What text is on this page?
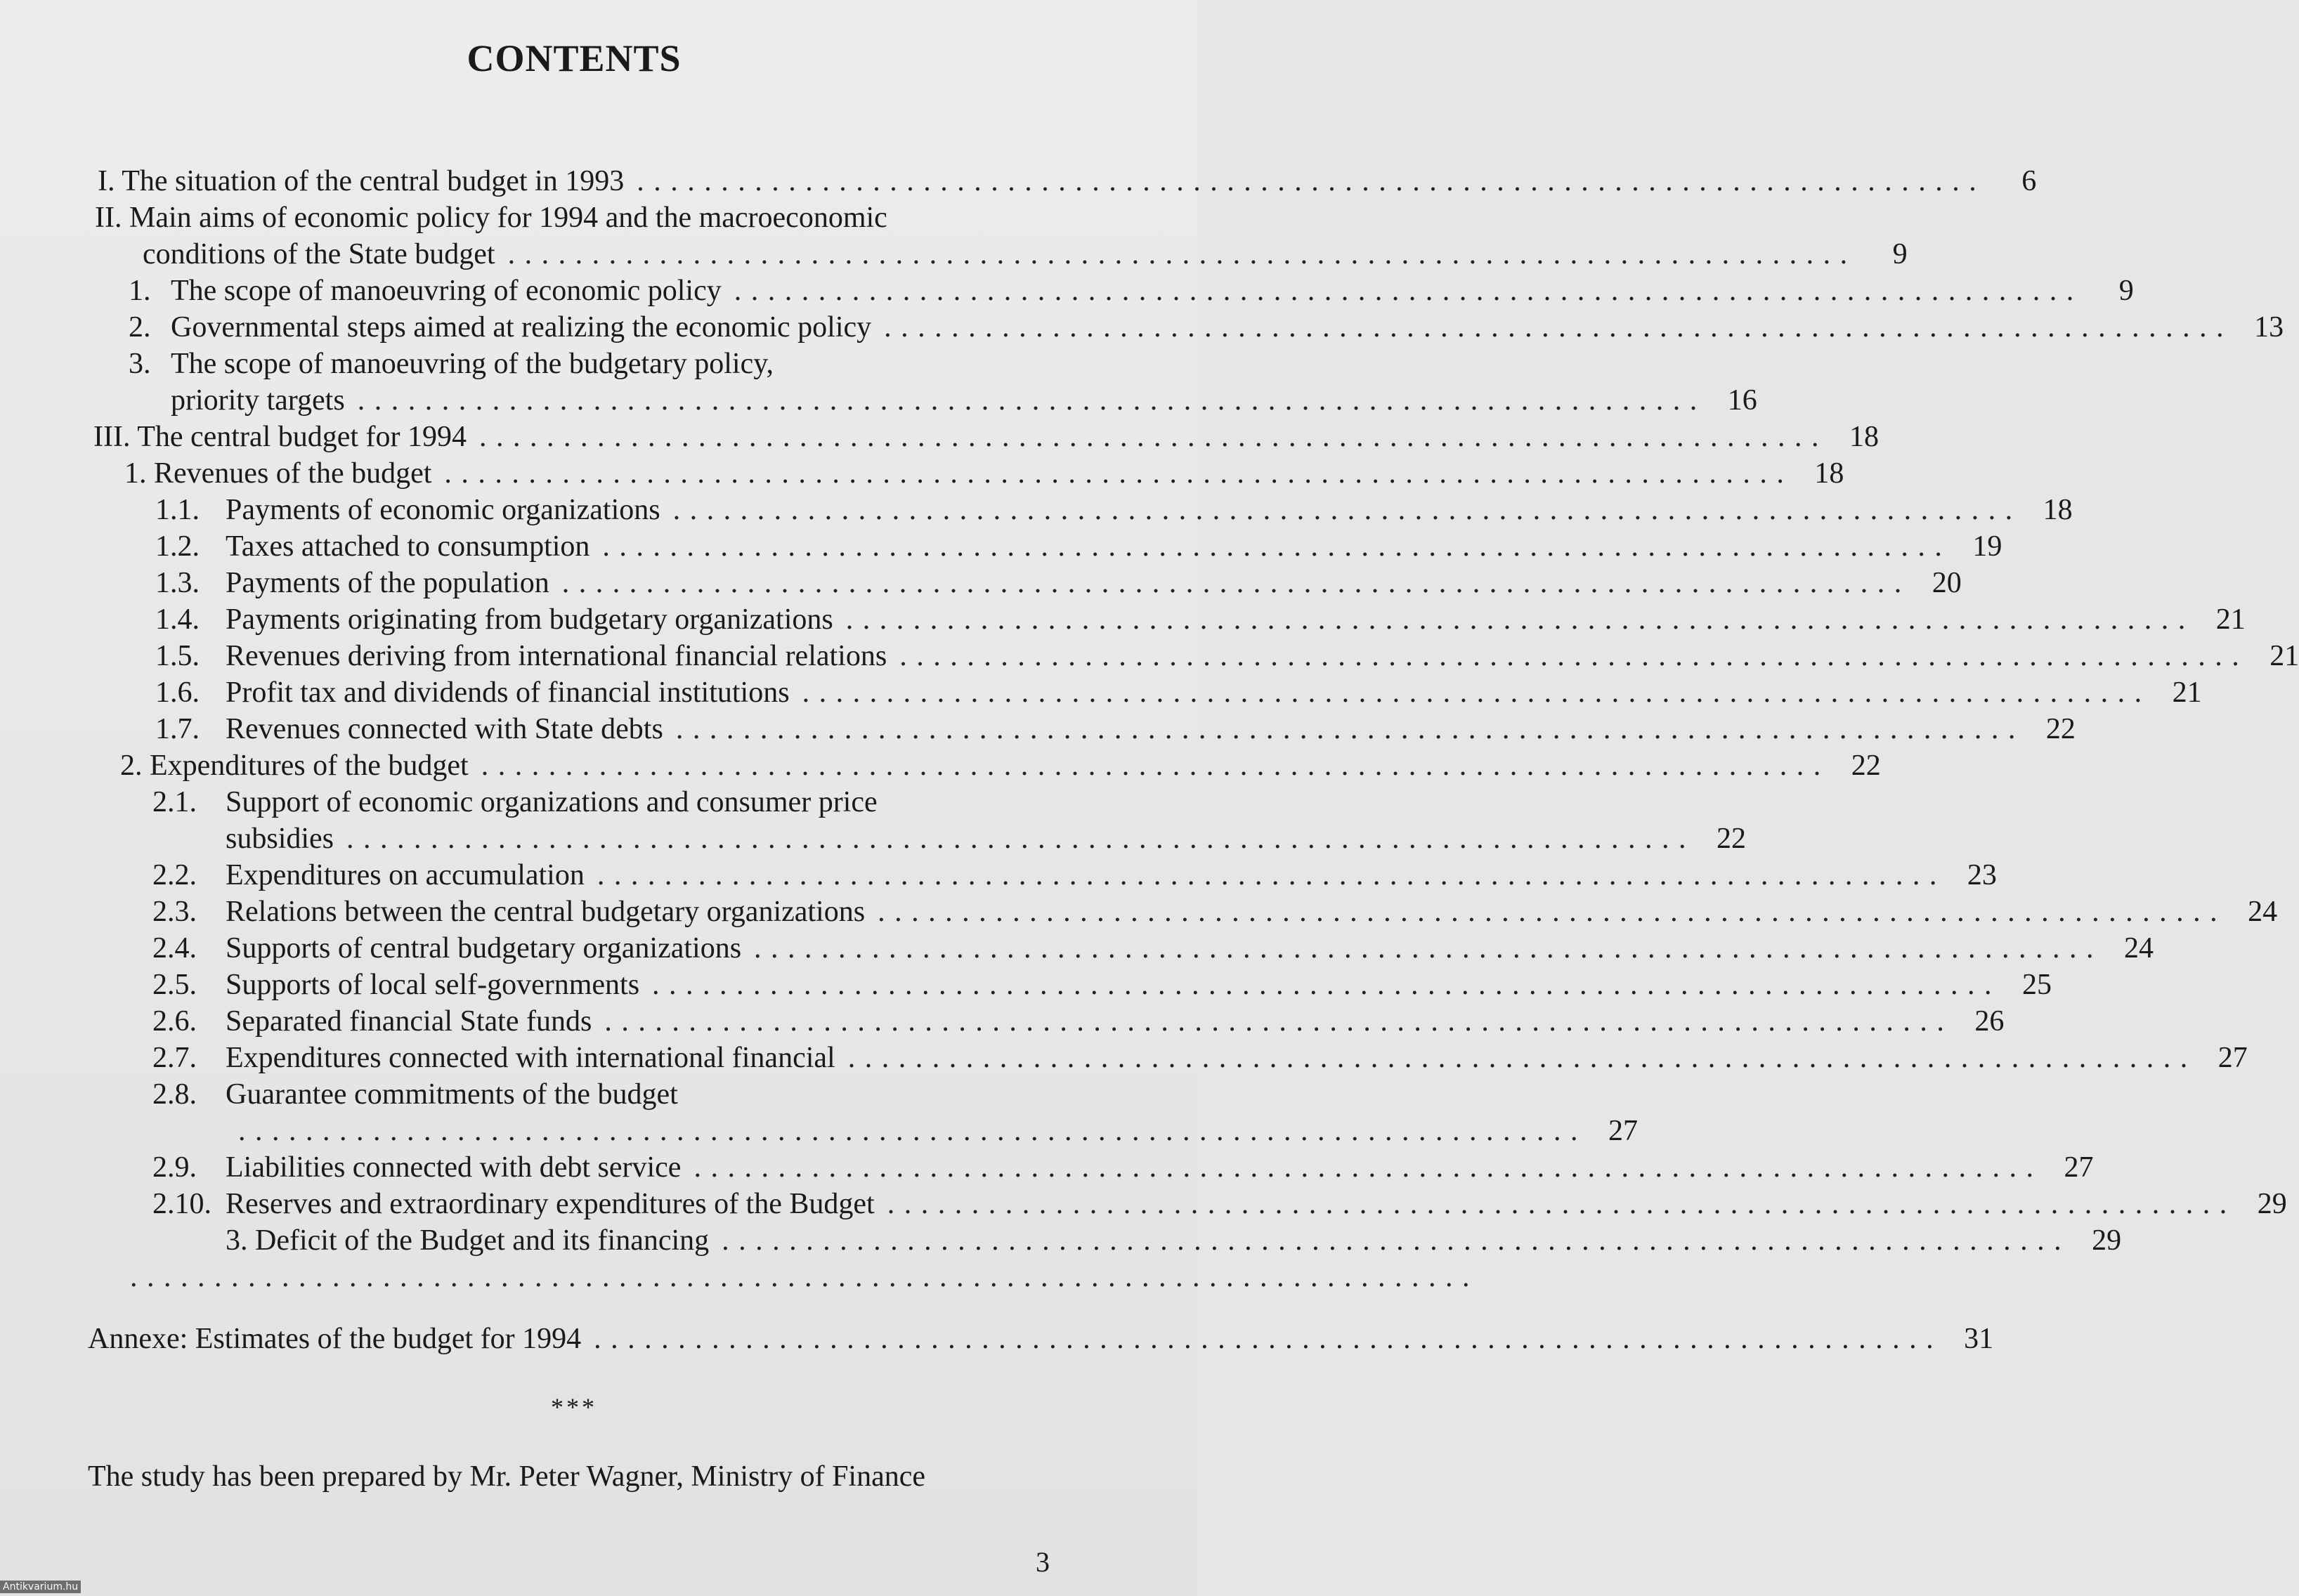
CONTENTS
I. The situation of the central budget in 1993 ................................................................................	6
II. Main aims of economic policy for 1994 and the macroeconomic
conditions of the State budget ................................................................................	9
1. The scope of manoeuvring of economic policy ................................................................................	9
2. Governmental steps aimed at realizing the economic policy ................................................................................ 13
3. The scope of manoeuvring of the budgetary policy,
priority targets ................................................................................ 16
III. The central budget for 1994 ................................................................................ 18
1. Revenues of the budget ................................................................................ 18
1.1. Payments of economic organizations ................................................................................ 18
1.2. Taxes attached to consumption ................................................................................ 19
1.3. Payments of the population ................................................................................ 20
1.4. Payments originating from budgetary organizations ................................................................................ 21
1.5. Revenues deriving from international financial relations ................................................................................ 21
1.6. Profit tax and dividends of financial institutions ................................................................................ 21
1.7. Revenues connected with State debts ................................................................................ 22
2. Expenditures of the budget ................................................................................ 22
2.1. Support of economic organizations and consumer price
subsidies ................................................................................ 22
2.2. Expenditures on accumulation ................................................................................ 23
2.3. Relations between the central budgetary organizations ................................................................................ 24
2.4. Supports of central budgetary organizations ................................................................................ 24
2.5. Supports of local self-governments ................................................................................ 25
2.6. Separated financial State funds ................................................................................ 26
2.7. Expenditures connected with international financial ................................................................................ 27
2.8. Guarantee commitments of the budget
................................................................................ 27
2.9. Liabilities connected with debt service ................................................................................ 27
2.10. Reserves and extraordinary expenditures of the Budget ................................................................................ 29
3. Deficit of the Budget and its financing ................................................................................ 29
................................................................................
Annexe: Estimates of the budget for 1994 ................................................................................ 31
***
The study has been prepared by Mr. Peter Wagner, Ministry of Finance
3
Antikvarium.hu
